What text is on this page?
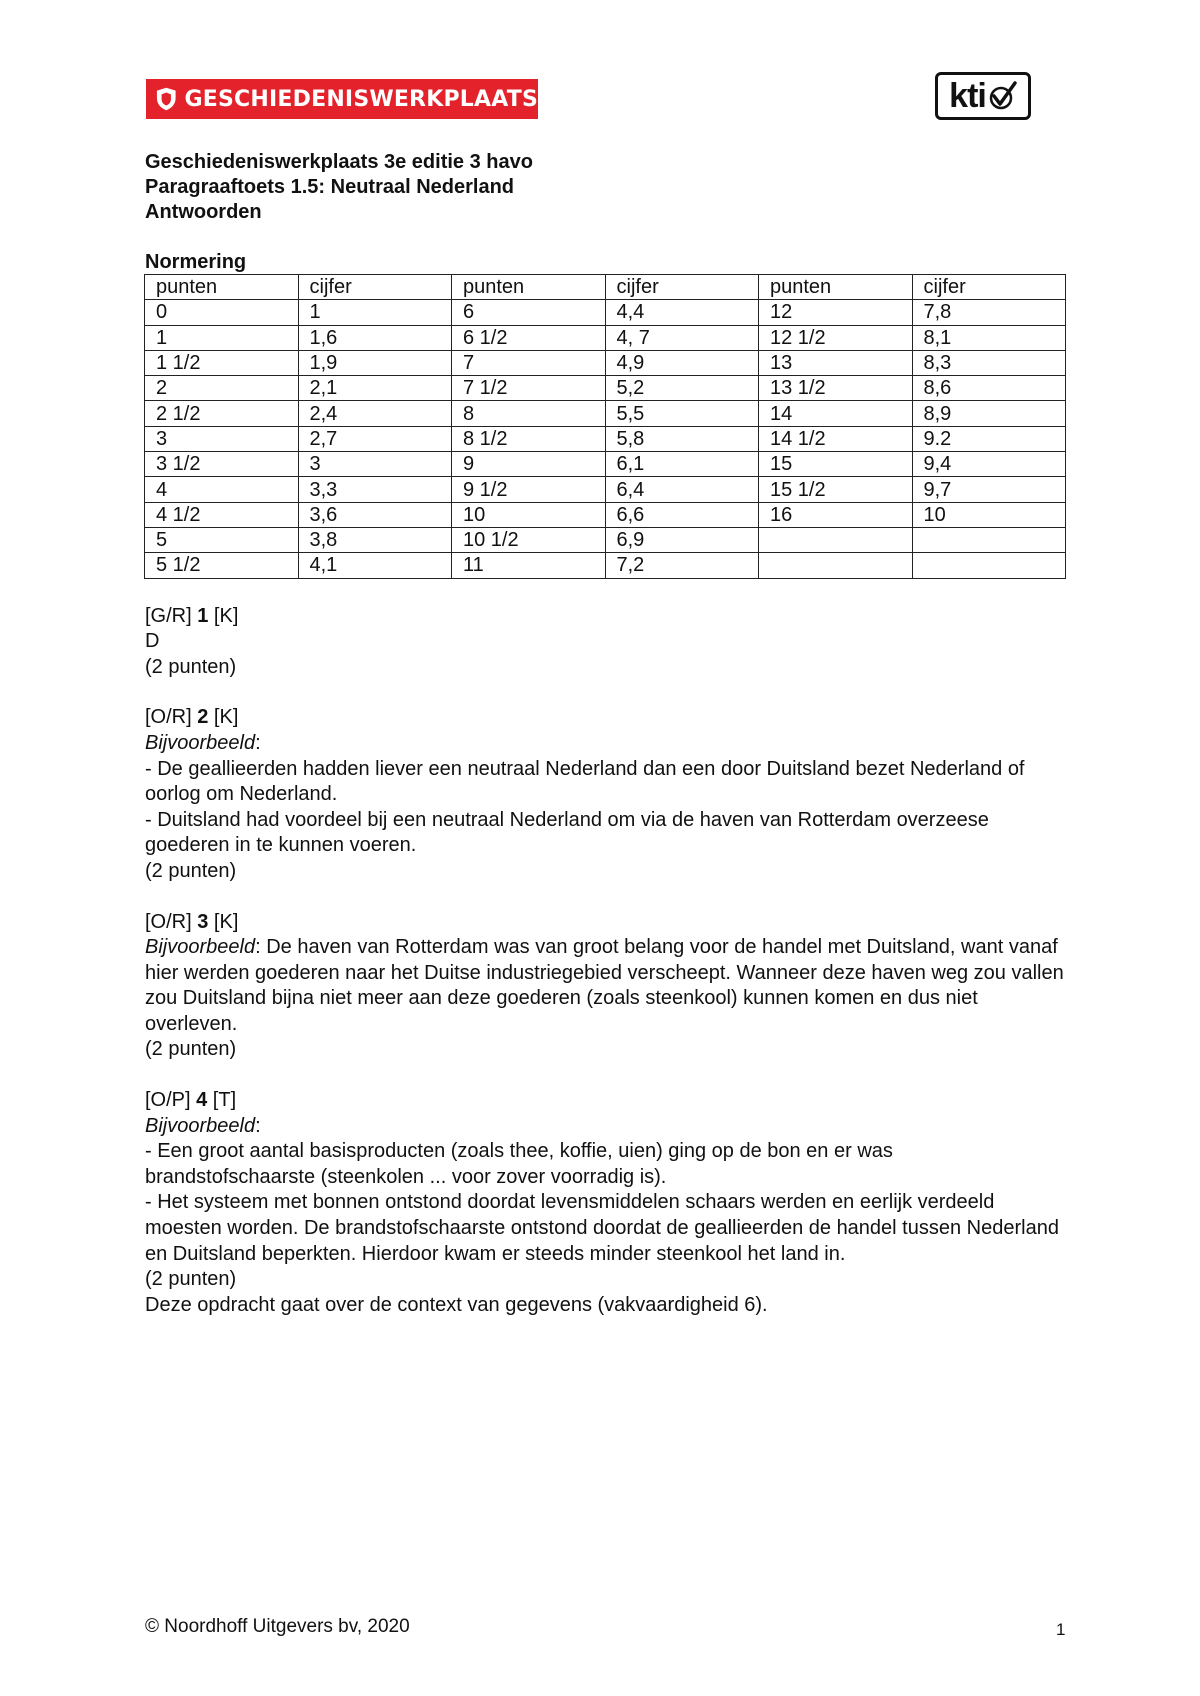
GESCHIEDENISWERKPLAATS	kti
Geschiedeniswerkplaats 3e editie 3 havo
Paragraaftoets 1.5: Neutraal Nederland
Antwoorden
Normering
punten	cijfer	punten	cijfer	punten	cijfer
0	1	6	4,4	12	7,8
1	1,6	6 1/2	4, 7	12 1/2	8,1
1 1/2	1,9	7	4,9	13	8,3
2	2,1	7 1/2	5,2	13 1/2	8,6
2 1/2	2,4	8	5,5	14	8,9
3	2,7	8 1/2	5,8	14 1/2	9.2
3 1/2	3	9	6,1	15	9,4
4	3,3	9 1/2	6,4	15 1/2	9,7
4 1/2	3,6	10	6,6	16	10
5	3,8	10 1/2	6,9		
5 1/2	4,1	11	7,2		

[G/R] 1 [K]

D

(2 punten)

[O/R] 2 [K]

Bijvoorbeeld:

- De geallieerden hadden liever een neutraal Nederland dan een door Duitsland bezet Nederland of oorlog om Nederland.

- Duitsland had voordeel bij een neutraal Nederland om via de haven van Rotterdam overzeese goederen in te kunnen voeren.

(2 punten)

[O/R] 3 [K]

Bijvoorbeeld: De haven van Rotterdam was van groot belang voor de handel met Duitsland, want vanaf hier werden goederen naar het Duitse industriegebied verscheept. Wanneer deze haven weg zou vallen zou Duitsland bijna niet meer aan deze goederen (zoals steenkool) kunnen komen en dus niet overleven.

(2 punten)

[O/P] 4 [T]

Bijvoorbeeld:

- Een groot aantal basisproducten (zoals thee, koffie, uien) ging op de bon en er was brandstofschaarste (steenkolen ... voor zover voorradig is).

- Het systeem met bonnen ontstond doordat levensmiddelen schaars werden en eerlijk verdeeld moesten worden. De brandstofschaarste ontstond doordat de geallieerden de handel tussen Nederland en Duitsland beperkten. Hierdoor kwam er steeds minder steenkool het land in.

(2 punten)

Deze opdracht gaat over de context van gegevens (vakvaardigheid 6).

© Noordhoff Uitgevers bv, 2020	1
